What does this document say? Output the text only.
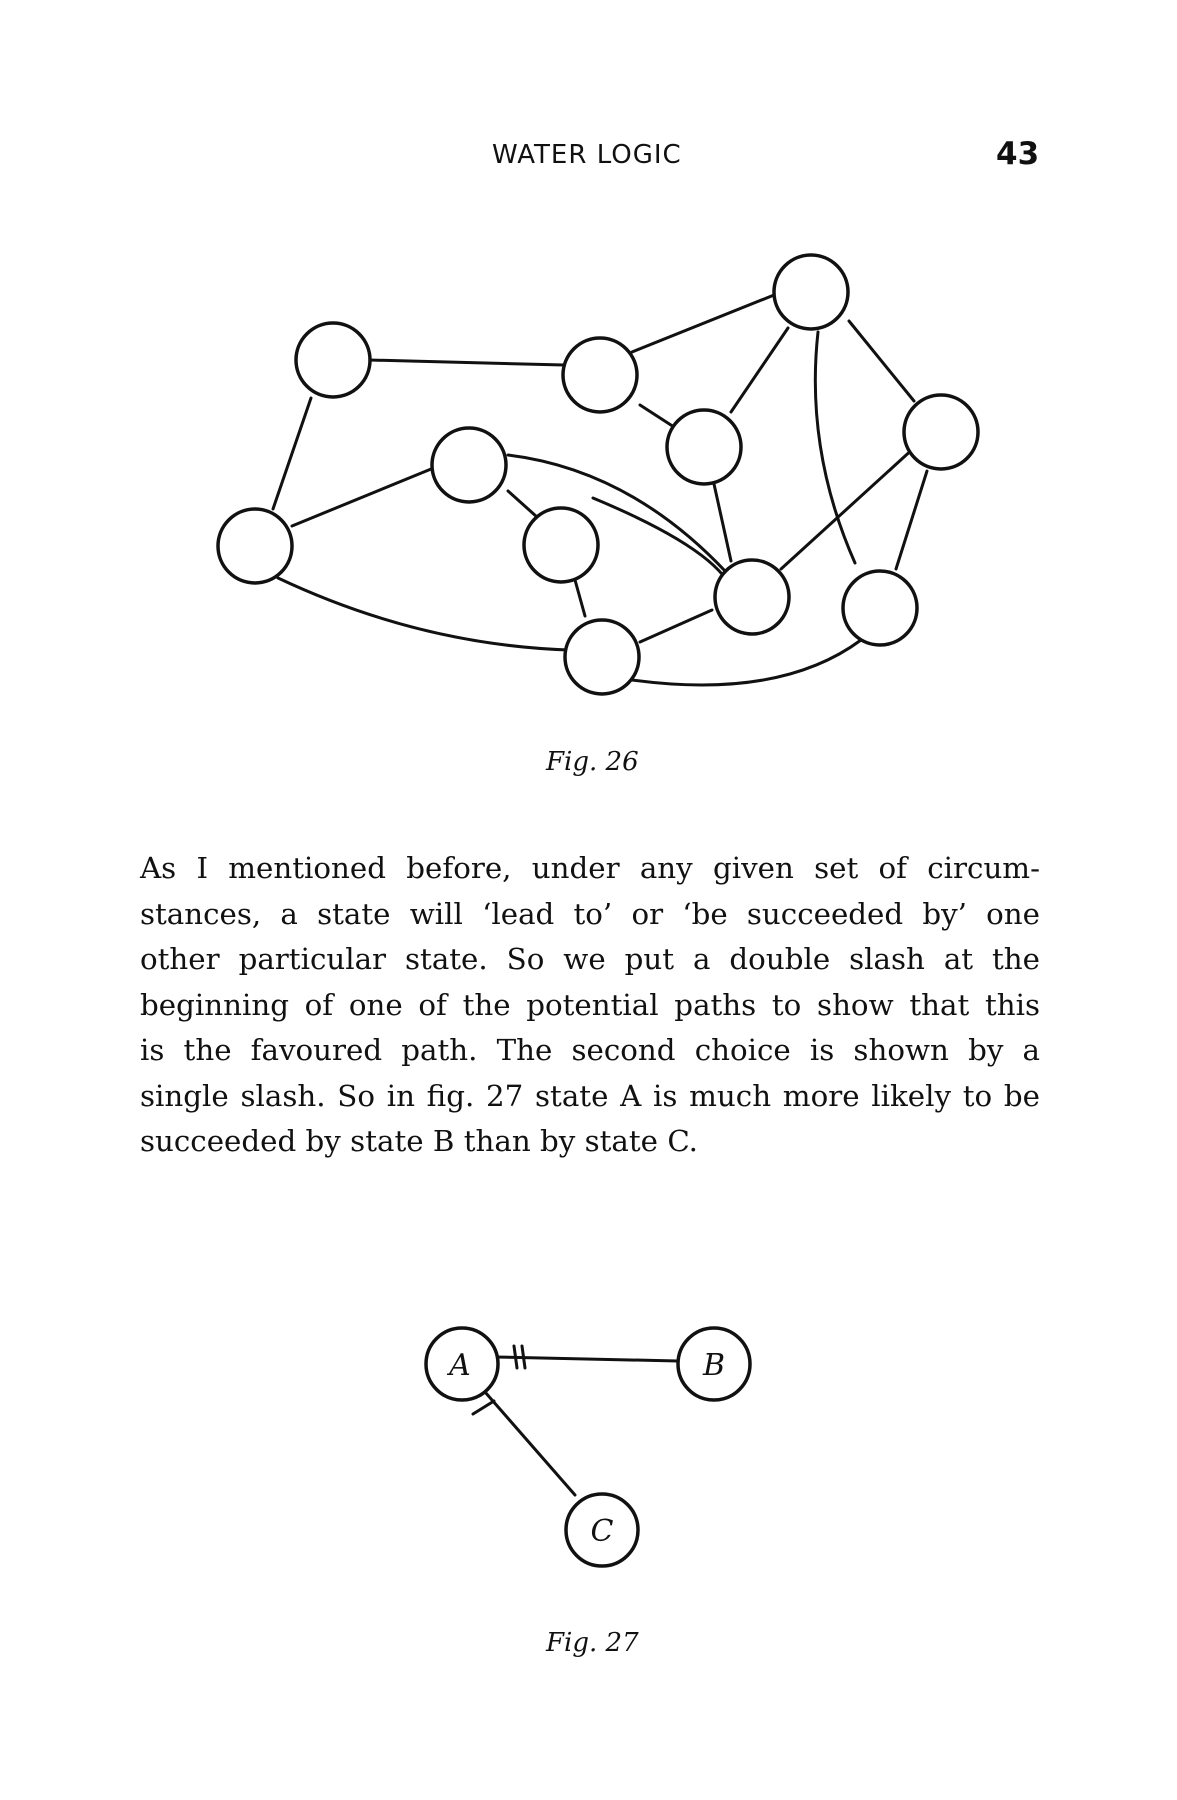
WATER LOGIC	43
Fig. 26
As I mentioned before, under any given set of circum-
stances, a state will ‘lead to’ or ‘be succeeded by’ one
other particular state. So we put a double slash at the
beginning of one of the potential paths to show that this
is the favoured path. The second choice is shown by a
single slash. So in fig. 27 state A is much more likely to be
succeeded by state B than by state C.
A	B
C
Fig. 27
